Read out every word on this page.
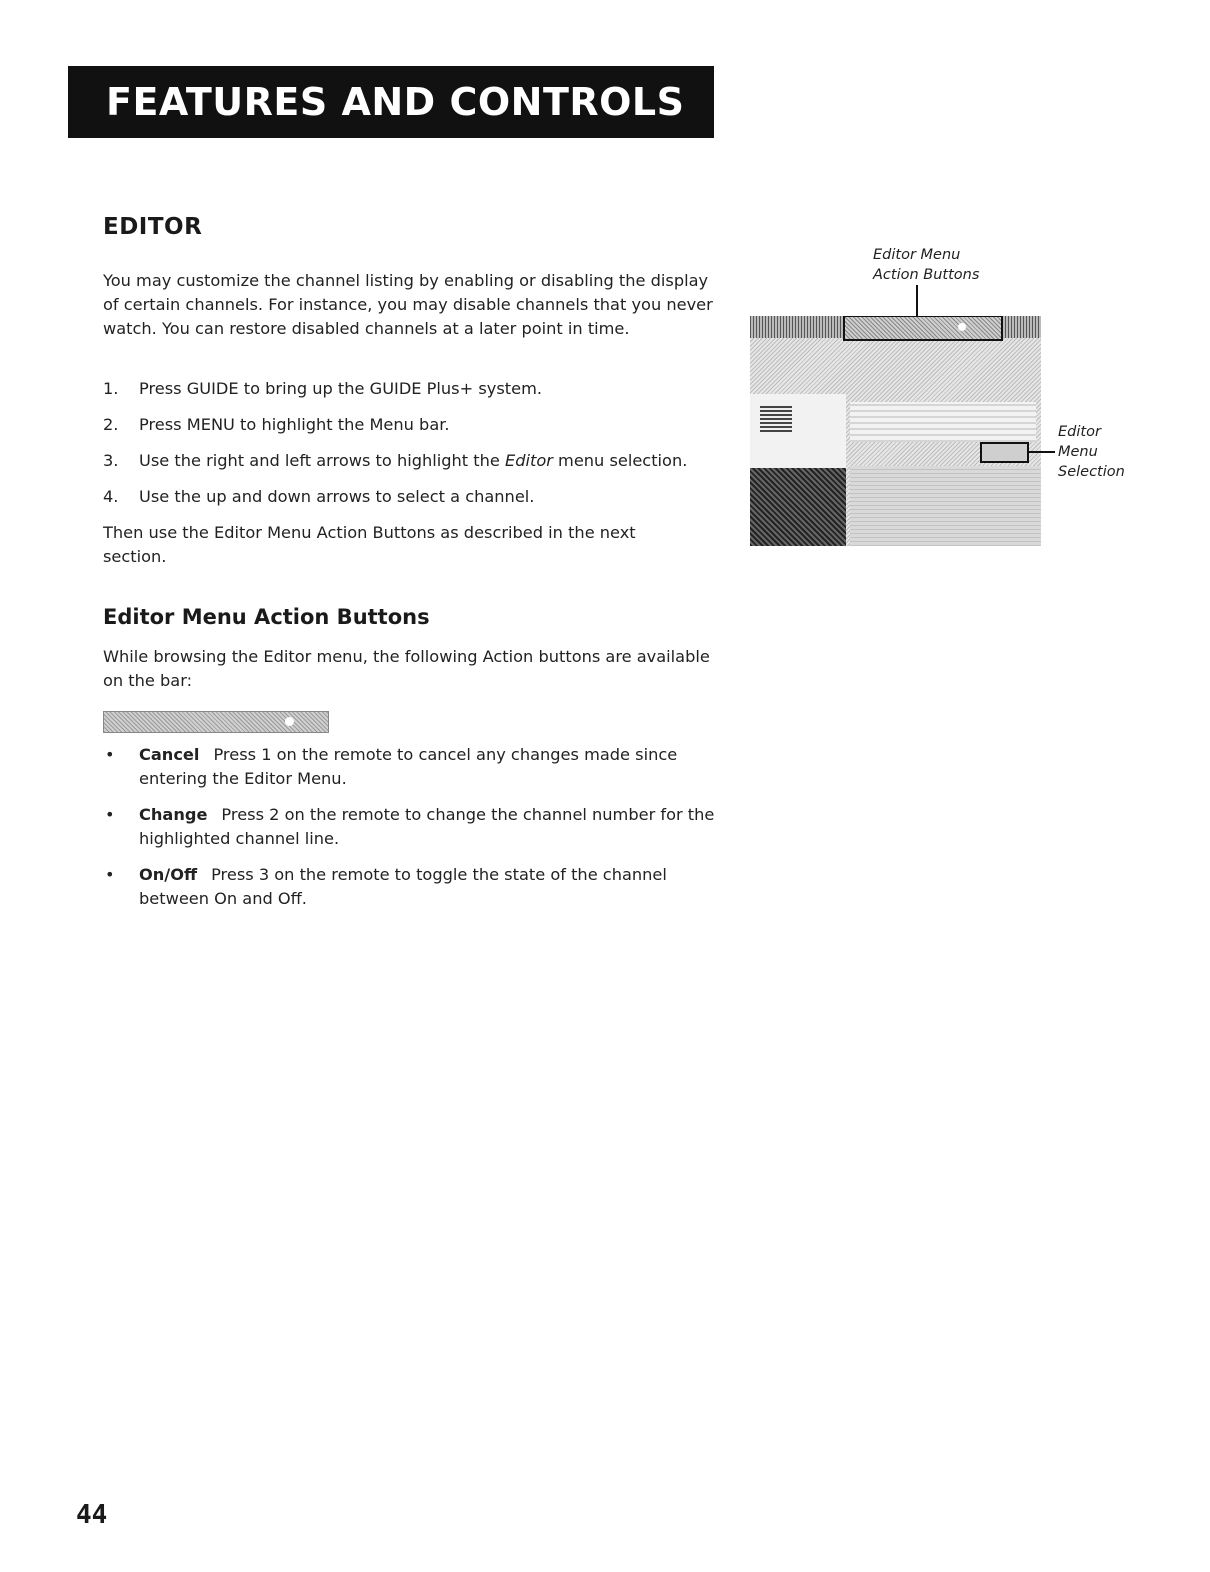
FEATURES AND CONTROLS
EDITOR

You may customize the channel listing by enabling or disabling the display of certain channels. For instance, you may disable channels that you never watch. You can restore disabled channels at a later point in time.

1.	Press GUIDE to bring up the GUIDE Plus+ system.
2.	Press MENU to highlight the Menu bar.
3.	Use the right and left arrows to highlight the Editor menu selection.
4.	Use the up and down arrows to select a channel.

Then use the Editor Menu Action Buttons as described in the next section.

Editor Menu Action Buttons

While browsing the Editor menu, the following Action buttons are available on the bar:

•	Cancel Press 1 on the remote to cancel any changes made since entering the Editor Menu.
•	Change Press 2 on the remote to change the channel number for the highlighted channel line.
•	On/Off Press 3 on the remote to toggle the state of the channel between On and Off.
Editor Menu
Action Buttons
Editor
Menu
Selection
44
